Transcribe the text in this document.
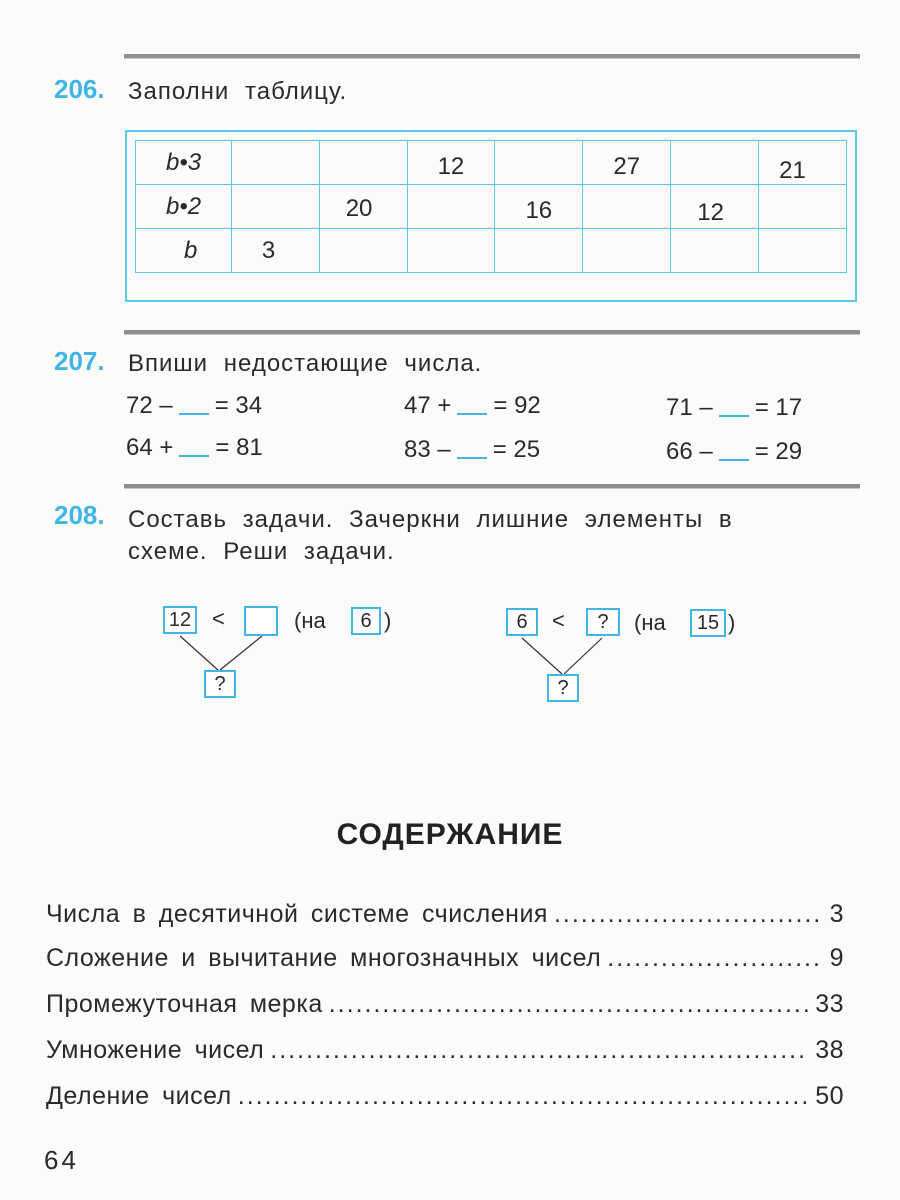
206. Заполни таблицу.
b•3			12		27		21
b•2		20		16		12	
b	3						
207. Впиши недостающие числа.
72 – = 34	47 + = 92	71 – = 17
64 + = 81	83 – = 25	66 – = 29
208. Составь задачи. Зачеркни лишние элементы в
схеме. Реши задачи.
12 <	(на	6 )
?
6	<	?	(на	15 )
?
СОДЕРЖАНИЕ
Числа в десятичной системе счисления .....	3
Сложение и вычитание многозначных чисел .....	9
Промежуточная мерка .....	33
Умножение чисел .....	38
Деление чисел .....	50
64
